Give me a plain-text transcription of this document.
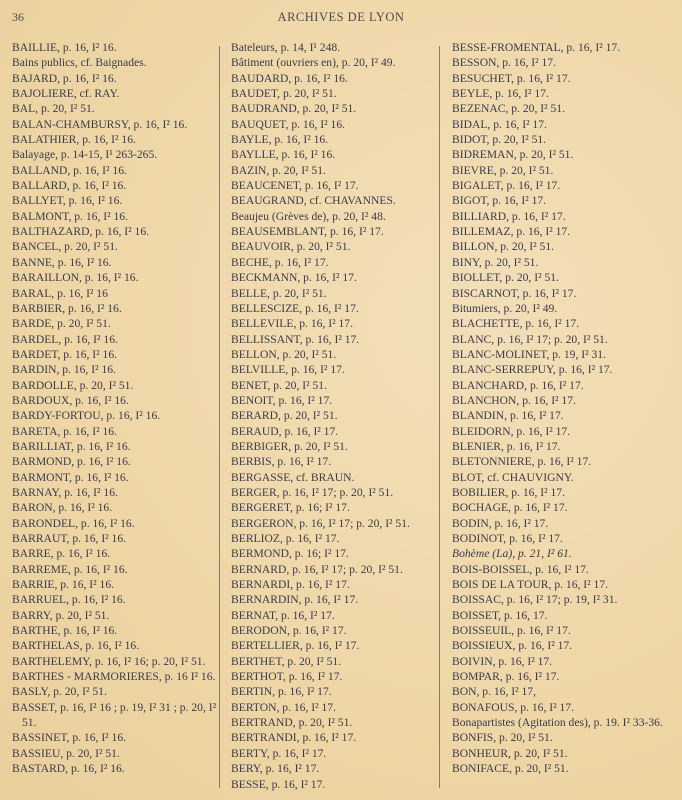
36	ARCHIVES DE LYON
BAILLIE, p. 16, I² 16.
Bains publics, cf. Baignades.
BAJARD, p. 16, I² 16.
BAJOLIERE, cf. RAY.
BAL, p. 20, I² 51.
BALAN-CHAMBURSY, p. 16, I² 16.
BALATHIER, p. 16, I² 16.
Balayage, p. 14-15, I¹ 263-265.
BALLAND, p. 16, I² 16.
BALLARD, p. 16, I² 16.
BALLYET, p. 16, I² 16.
BALMONT, p. 16, I² 16.
BALTHAZARD, p. 16, I² 16.
BANCEL, p. 20, I² 51.
BANNE, p. 16, I² 16.
BARAILLON, p. 16, I² 16.
BARAL, p. 16, I² 16
BARBIER, p. 16, I² 16.
BARDE, p. 20, I² 51.
BARDEL, p. 16, I² 16.
BARDET, p. 16, I² 16.
BARDIN, p. 16, I² 16.
BARDOLLE, p. 20, I² 51.
BARDOUX, p. 16, I² 16.
BARDY-FORTOU, p. 16, I² 16.
BARETA, p. 16, I² 16.
BARILLIAT, p. 16, I² 16.
BARMOND, p. 16, I² 16.
BARMONT, p. 16, I² 16.
BARNAY, p. 16, I² 16.
BARON, p. 16, I² 16.
BARONDEL, p. 16, I² 16.
BARRAUT, p. 16, I² 16.
BARRE, p. 16, I² 16.
BARREME, p. 16, I² 16.
BARRIE, p. 16, I² 16.
BARRUEL, p. 16, I² 16.
BARRY, p. 20, I² 51.
BARTHE, p. 16, I² 16.
BARTHELAS, p. 16, I² 16.
BARTHELEMY, p. 16, I² 16; p. 20, I² 51.
BARTHES - MARMORIERES, p. 16 I² 16.
BASLY, p. 20, I² 51.
BASSET, p. 16, I² 16 ; p. 19, I² 31 ; p. 20, I² 51.
BASSINET, p. 16, I² 16.
BASSIEU, p. 20, I² 51.
BASTARD, p. 16, I² 16.
Bateleurs, p. 14, I¹ 248.
Bâtiment (ouvriers en), p. 20, I² 49.
BAUDARD, p. 16, I² 16.
BAUDET, p. 20, I² 51.
BAUDRAND, p. 20, I² 51.
BAUQUET, p. 16, I² 16.
BAYLE, p. 16, I² 16.
BAYLLE, p. 16, I² 16.
BAZIN, p. 20, I² 51.
BEAUCENET, p. 16, I² 17.
BEAUGRAND, cf. CHAVANNES.
Beaujeu (Grèves de), p. 20, I² 48.
BEAUSEMBLANT, p. 16, I² 17.
BEAUVOIR, p. 20, I² 51.
BECHE, p. 16, I² 17.
BECKMANN, p. 16, I² 17.
BELLE, p. 20, I² 51.
BELLESCIZE, p. 16, I² 17.
BELLEVILE, p. 16, I² 17.
BELLISSANT, p. 16, I² 17.
BELLON, p. 20, I² 51.
BELVILLE, p. 16, I² 17.
BENET, p. 20, I² 51.
BENOIT, p. 16, I² 17.
BERARD, p. 20, I² 51.
BERAUD, p. 16, I² 17.
BERBIGER, p. 20, I² 51.
BERBIS, p. 16, I² 17.
BERGASSE, cf. BRAUN.
BERGER, p. 16, I² 17; p. 20, I² 51.
BERGERET, p. 16; I² 17.
BERGERON, p. 16, I² 17; p. 20, I² 51.
BERLIOZ, p. 16, I² 17.
BERMOND, p. 16; I² 17.
BERNARD, p. 16, I² 17; p. 20, I² 51.
BERNARDI, p. 16, I² 17.
BERNARDIN, p. 16, I² 17.
BERNAT, p. 16, I² 17.
BERODON, p. 16, I² 17.
BERTELLIER, p. 16, I² 17.
BERTHET, p. 20, I² 51.
BERTHOT, p. 16, I² 17.
BERTIN, p. 16, I² 17.
BERTON, p. 16, I² 17.
BERTRAND, p. 20, I² 51.
BERTRANDI, p. 16, I² 17.
BERTY, p. 16, I² 17.
BERY, p. 16, I² 17.
BESSE, p. 16, I² 17.
BESSE-FROMENTAL, p. 16, I² 17.
BESSON, p. 16, I² 17.
BESUCHET, p. 16, I² 17.
BEYLE, p. 16, I² 17.
BEZENAC, p. 20, I² 51.
BIDAL, p. 16, I² 17.
BIDOT, p. 20, I² 51.
BIDREMAN, p. 20, I² 51.
BIEVRE, p. 20, I² 51.
BIGALET, p. 16, I² 17.
BIGOT, p. 16, I² 17.
BILLIARD, p. 16, I² 17.
BILLEMAZ, p. 16, I² 17.
BILLON, p. 20, I² 51.
BINY, p. 20, I² 51.
BIOLLET, p. 20, I² 51.
BISCARNOT, p. 16, I² 17.
Bitumiers, p. 20, I² 49.
BLACHETTE, p. 16, I² 17.
BLANC, p. 16, I² 17; p. 20, I² 51.
BLANC-MOLINET, p. 19, I² 31.
BLANC-SERREPUY, p. 16, I² 17.
BLANCHARD, p. 16, I² 17.
BLANCHON, p. 16, I² 17.
BLANDIN, p. 16, I² 17.
BLEIDORN, p. 16, I² 17.
BLENIER, p. 16, I² 17.
BLETONNIERE, p. 16, I² 17.
BLOT, cf. CHAUVIGNY.
BOBILIER, p. 16, I² 17.
BOCHAGE, p. 16, I² 17.
BODIN, p. 16, I² 17.
BODINOT, p. 16, I² 17.
Bohème (La), p. 21, I² 61.
BOIS-BOISSEL, p. 16, I² 17.
BOIS DE LA TOUR, p. 16, I² 17.
BOISSAC, p. 16, I² 17; p. 19, I² 31.
BOISSET, p. 16, 17.
BOISSEUIL, p. 16, I² 17.
BOISSIEUX, p. 16, I² 17.
BOIVIN, p. 16, I² 17.
BOMPAR, p. 16, I² 17.
BON, p. 16, I² 17,
BONAFOUS, p. 16, I² 17.
Bonapartistes (Agitation des), p. 19. I² 33-36.
BONFIS, p. 20, I² 51.
BONHEUR, p. 20, I² 51.
BONIFACE, p. 20, I² 51.
